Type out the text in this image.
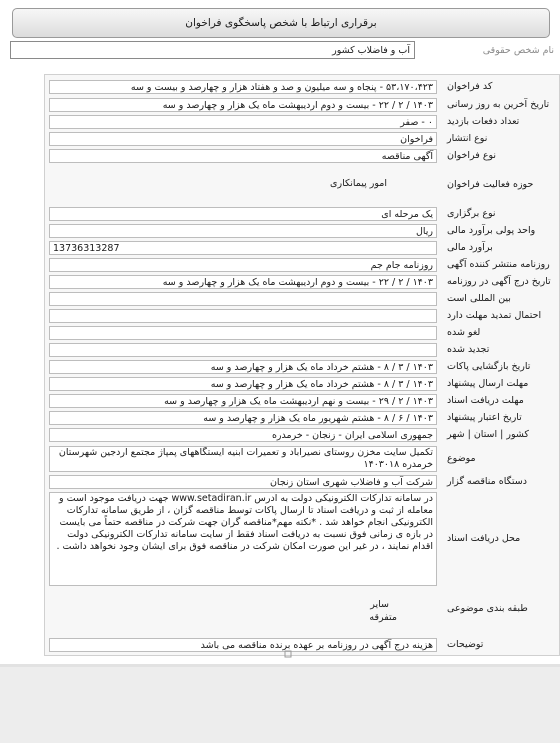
برقراری ارتباط با شخص پاسخگوی فراخوان
نام شخص حقوقی
آب و فاضلاب کشور
کد فراخوان
۵۳،۱۷۰،۴۲۳ - پنجاه و سه میلیون و صد و هفتاد هزار و چهارصد و بیست و سه
تاریخ آخرین به روز رسانی
۱۴۰۳ / ۲ / ۲۲ - بیست و دوم اردیبهشت ماه یک هزار و چهارصد و سه
تعداد دفعات بازدید
۰ - صفر
نوع انتشار
فراخوان
نوع فراخوان
آگهی مناقصه
حوزه فعالیت فراخوان
امور پیمانکاری
نوع برگزاری
یک مرحله ای
واحد پولی برآورد مالی
ریال
برآورد مالی
13736313287
روزنامه منتشر کننده آگهی
روزنامه جام جم
تاریخ درج آگهی در روزنامه
۱۴۰۳ / ۲ / ۲۲ - بیست و دوم اردیبهشت ماه یک هزار و چهارصد و سه
بین المللی است
احتمال تمدید مهلت دارد
لغو شده
تجدید شده
تاریخ بازگشایی پاکات
۱۴۰۳ / ۳ / ۸ - هشتم خرداد ماه یک هزار و چهارصد و سه
مهلت ارسال پیشنهاد
۱۴۰۳ / ۳ / ۸ - هشتم خرداد ماه یک هزار و چهارصد و سه
مهلت دریافت اسناد
۱۴۰۳ / ۲ / ۲۹ - بیست و نهم اردیبهشت ماه یک هزار و چهارصد و سه
تاریخ اعتبار پیشنهاد
۱۴۰۳ / ۶ / ۸ - هشتم شهریور ماه یک هزار و چهارصد و سه
کشور | استان | شهر
جمهوری اسلامی ایران - زنجان - خرمدره
موضوع
تکمیل سایت مخزن روستای نصیرآباد و تعمیرات ابنیه ایستگاههای پمپاژ مجتمع اردجین شهرستان خرمدره ۱۴۰۳۰۱۸
دستگاه مناقصه گزار
شرکت آب و فاضلاب شهری استان زنجان
محل دریافت اسناد
در سامانه تدارکات الکترونیکی دولت به آدرس www.setadiran.ir جهت دریافت موجود است و معامله از ثبت و دریافت اسناد تا ارسال پاکات توسط مناقصه گزان ، از طریق سامانه تدارکات الکترونیکی انجام خواهد شد . *نکته مهم*مناقصه گران جهت شرکت در مناقصه حتماً می بایست در بازه ی زمانی فوق نسبت به دریافت اسناد فقط از سایت سامانه تدارکات الکترونیکی دولت اقدام نمایند ، در غیر این صورت امکان شرکت در مناقصه فوق برای ایشان وجود نخواهد داشت .
طبقه بندی موضوعی
سایر
متفرقه
توضیحات
هزینه درج آگهی در روزنامه بر عهده برنده مناقصه می باشد
